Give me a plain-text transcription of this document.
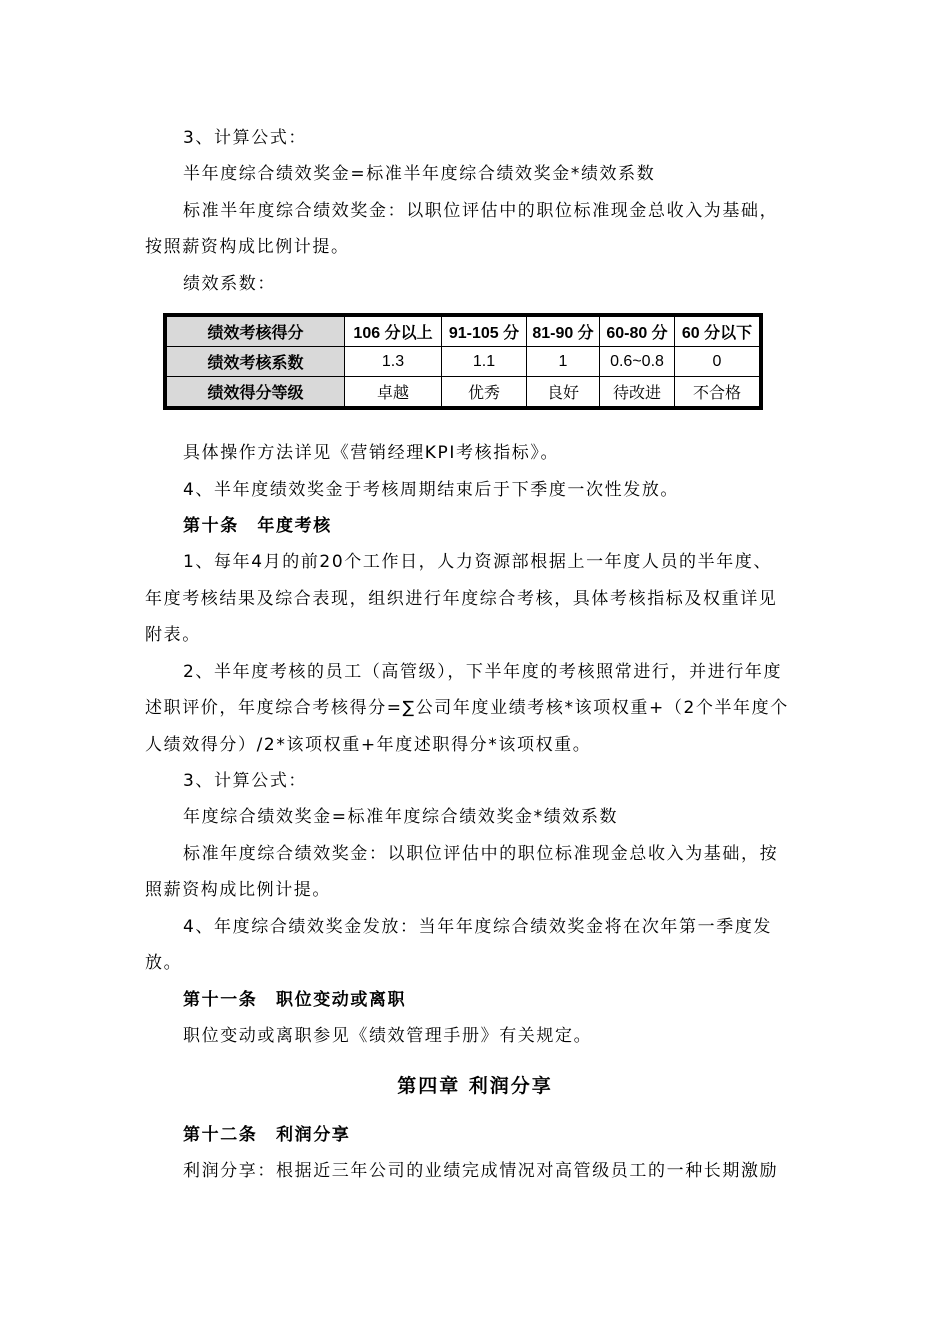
3、计算公式：
半年度综合绩效奖金=标准半年度综合绩效奖金*绩效系数
标准半年度综合绩效奖金：以职位评估中的职位标准现金总收入为基础，
按照薪资构成比例计提。
绩效系数：
绩效考核得分	106 分以上	91-105 分	81-90 分	60-80 分	60 分以下
绩效考核系数	1.3	1.1	1	0.6~0.8	0
绩效得分等级	卓越	优秀	良好	待改进	不合格
具体操作方法详见《营销经理KPI考核指标》。
4、半年度绩效奖金于考核周期结束后于下季度一次性发放。
第十条　年度考核
1、每年4月的前20个工作日，人力资源部根据上一年度人员的半年度、
年度考核结果及综合表现，组织进行年度综合考核，具体考核指标及权重详见
附表。
2、半年度考核的员工（高管级），下半年度的考核照常进行，并进行年度
述职评价，年度综合考核得分=∑公司年度业绩考核*该项权重+（2个半年度个
人绩效得分）/2*该项权重+年度述职得分*该项权重。
3、计算公式：
年度综合绩效奖金=标准年度综合绩效奖金*绩效系数
标准年度综合绩效奖金：以职位评估中的职位标准现金总收入为基础，按
照薪资构成比例计提。
4、年度综合绩效奖金发放：当年年度综合绩效奖金将在次年第一季度发
放。
第十一条　职位变动或离职
职位变动或离职参见《绩效管理手册》有关规定。
第四章 利润分享
第十二条　利润分享
利润分享：根据近三年公司的业绩完成情况对高管级员工的一种长期激励
